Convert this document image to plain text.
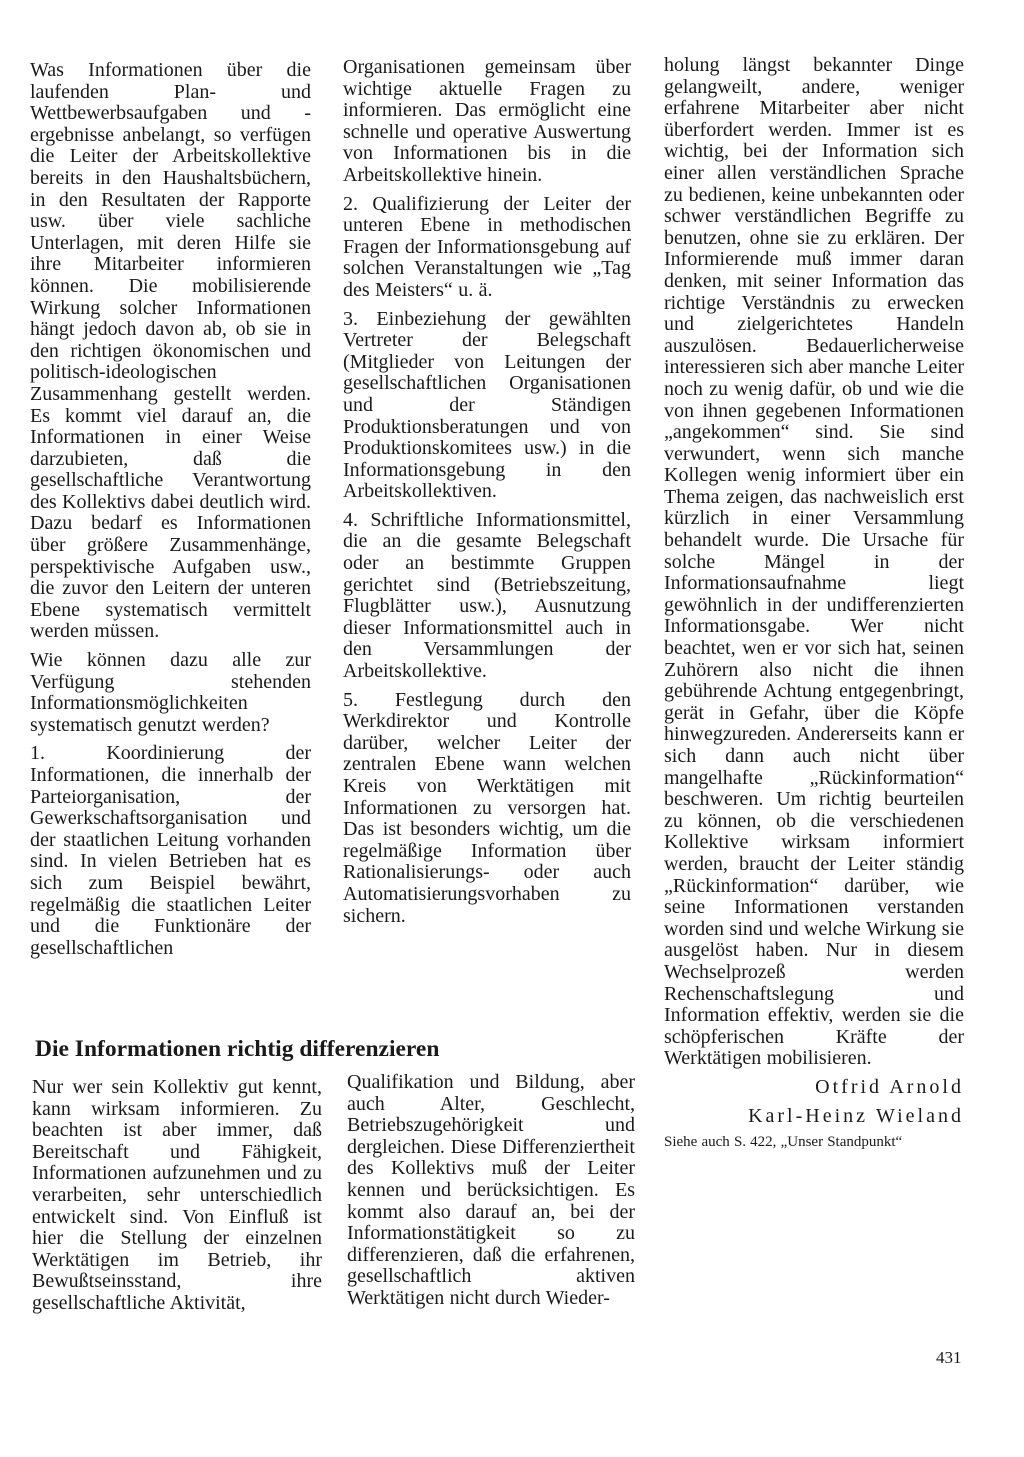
Was Informationen über die laufenden Plan- und Wettbewerbsaufgaben und -ergebnisse anbelangt, so verfügen die Leiter der Arbeitskollektive bereits in den Haushaltsbüchern, in den Resultaten der Rapporte usw. über viele sachliche Unterlagen, mit deren Hilfe sie ihre Mitarbeiter informieren können. Die mobilisierende Wirkung solcher Informationen hängt jedoch davon ab, ob sie in den richtigen ökonomischen und politisch-ideologischen Zusammenhang gestellt werden. Es kommt viel darauf an, die Informationen in einer Weise darzubieten, daß die gesellschaftliche Verantwortung des Kollektivs dabei deutlich wird. Dazu bedarf es Informationen über größere Zusammenhänge, perspektivische Aufgaben usw., die zuvor den Leitern der unteren Ebene systematisch vermittelt werden müssen.

Wie können dazu alle zur Verfügung stehenden Informationsmöglichkeiten systematisch genutzt werden?

1. Koordinierung der Informationen, die innerhalb der Parteiorganisation, der Gewerkschaftsorganisation und der staatlichen Leitung vorhanden sind. In vielen Betrieben hat es sich zum Beispiel bewährt, regelmäßig die staatlichen Leiter und die Funktionäre der gesellschaftlichen

Organisationen gemeinsam über wichtige aktuelle Fragen zu informieren. Das ermöglicht eine schnelle und operative Auswertung von Informationen bis in die Arbeitskollektive hinein.

2. Qualifizierung der Leiter der unteren Ebene in methodischen Fragen der Informationsgebung auf solchen Veranstaltungen wie „Tag des Meisters“ u. ä.

3. Einbeziehung der gewählten Vertreter der Belegschaft (Mitglieder von Leitungen der gesellschaftlichen Organisationen und der Ständigen Produktionsberatungen und von Produktionskomitees usw.) in die Informationsgebung in den Arbeitskollektiven.

4. Schriftliche Informationsmittel, die an die gesamte Belegschaft oder an bestimmte Gruppen gerichtet sind (Betriebszeitung, Flugblätter usw.), Ausnutzung dieser Informationsmittel auch in den Versammlungen der Arbeitskollektive.

5. Festlegung durch den Werkdirektor und Kontrolle darüber, welcher Leiter der zentralen Ebene wann welchen Kreis von Werktätigen mit Informationen zu versorgen hat. Das ist besonders wichtig, um die regelmäßige Information über Rationalisierungs- oder auch Automatisierungsvorhaben zu sichern.

holung längst bekannter Dinge gelangweilt, andere, weniger erfahrene Mitarbeiter aber nicht überfordert werden. Immer ist es wichtig, bei der Information sich einer allen verständlichen Sprache zu bedienen, keine unbekannten oder schwer verständlichen Begriffe zu benutzen, ohne sie zu erklären. Der Informierende muß immer daran denken, mit seiner Information das richtige Verständnis zu erwecken und zielgerichtetes Handeln auszulösen. Bedauerlicherweise interessieren sich aber manche Leiter noch zu wenig dafür, ob und wie die von ihnen gegebenen Informationen „angekommen“ sind. Sie sind verwundert, wenn sich manche Kollegen wenig informiert über ein Thema zeigen, das nachweislich erst kürzlich in einer Versammlung behandelt wurde. Die Ursache für solche Mängel in der Informationsaufnahme liegt gewöhnlich in der undifferenzierten Informationsgabe. Wer nicht beachtet, wen er vor sich hat, seinen Zuhörern also nicht die ihnen gebührende Achtung entgegenbringt, gerät in Gefahr, über die Köpfe hinwegzureden. Andererseits kann er sich dann auch nicht über mangelhafte „Rückinformation“ beschweren. Um richtig beurteilen zu können, ob die verschiedenen Kollektive wirksam informiert werden, braucht der Leiter ständig „Rückinformation“ darüber, wie seine Informationen verstanden worden sind und welche Wirkung sie ausgelöst haben. Nur in diesem Wechselprozeß werden Rechenschaftslegung und Information effektiv, werden sie die schöpferischen Kräfte der Werktätigen mobilisieren.

Otfrid Arnold

Karl-Heinz Wieland

Siehe auch S. 422, „Unser Standpunkt“

Die Informationen richtig differenzieren

Nur wer sein Kollektiv gut kennt, kann wirksam informieren. Zu beachten ist aber immer, daß Bereitschaft und Fähigkeit, Informationen aufzunehmen und zu verarbeiten, sehr unterschiedlich entwickelt sind. Von Einfluß ist hier die Stellung der einzelnen Werktätigen im Betrieb, ihr Bewußtseinsstand, ihre gesellschaftliche Aktivität,

Qualifikation und Bildung, aber auch Alter, Geschlecht, Betriebszugehörigkeit und dergleichen. Diese Differenziertheit des Kollektivs muß der Leiter kennen und berücksichtigen. Es kommt also darauf an, bei der Informationstätigkeit so zu differenzieren, daß die erfahrenen, gesellschaftlich aktiven Werktätigen nicht durch Wieder-

431
